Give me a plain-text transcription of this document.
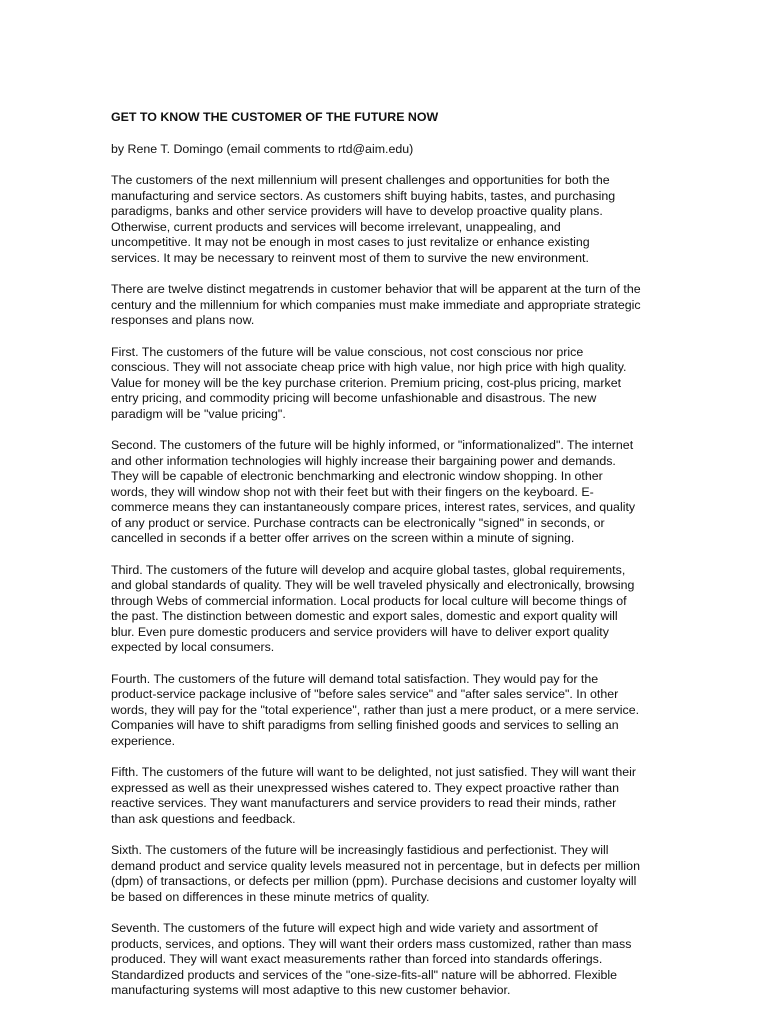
GET TO KNOW THE CUSTOMER OF THE FUTURE NOW
by Rene T. Domingo (email comments to rtd@aim.edu)
The customers of the next millennium will present challenges and opportunities for both the manufacturing and service sectors. As customers shift buying habits, tastes, and purchasing paradigms, banks and other service providers will have to develop proactive quality plans. Otherwise, current products and services will become irrelevant, unappealing, and uncompetitive. It may not be enough in most cases to just revitalize or enhance existing services. It may be necessary to reinvent most of them to survive the new environment.
There are twelve distinct megatrends in customer behavior that will be apparent at the turn of the century and the millennium for which companies must make immediate and appropriate strategic responses and plans now.
First. The customers of the future will be value conscious, not cost conscious nor price conscious. They will not associate cheap price with high value, nor high price with high quality. Value for money will be the key purchase criterion. Premium pricing, cost-plus pricing, market entry pricing, and commodity pricing will become unfashionable and disastrous. The new paradigm will be "value pricing".
Second. The customers of the future will be highly informed, or "informationalized". The internet and other information technologies will highly increase their bargaining power and demands. They will be capable of electronic benchmarking and electronic window shopping. In other words, they will window shop not with their feet but with their fingers on the keyboard. E-commerce means they can instantaneously compare prices, interest rates, services, and quality of any product or service. Purchase contracts can be electronically "signed" in seconds, or cancelled in seconds if a better offer arrives on the screen within a minute of signing.
Third. The customers of the future will develop and acquire global tastes, global requirements, and global standards of quality. They will be well traveled physically and electronically, browsing through Webs of commercial information. Local products for local culture will become things of the past. The distinction between domestic and export sales, domestic and export quality will blur. Even pure domestic producers and service providers will have to deliver export quality expected by local consumers.
Fourth. The customers of the future will demand total satisfaction. They would pay for the product-service package inclusive of "before sales service" and "after sales service". In other words, they will pay for the "total experience", rather than just a mere product, or a mere service. Companies will have to shift paradigms from selling finished goods and services to selling an experience.
Fifth. The customers of the future will want to be delighted, not just satisfied. They will want their expressed as well as their unexpressed wishes catered to. They expect proactive rather than reactive services. They want manufacturers and service providers to read their minds, rather than ask questions and feedback.
Sixth. The customers of the future will be increasingly fastidious and perfectionist. They will demand product and service quality levels measured not in percentage, but in defects per million (dpm) of transactions, or defects per million (ppm). Purchase decisions and customer loyalty will be based on differences in these minute metrics of quality.
Seventh. The customers of the future will expect high and wide variety and assortment of products, services, and options. They will want their orders mass customized, rather than mass produced. They will want exact measurements rather than forced into standards offerings. Standardized products and services of the "one-size-fits-all" nature will be abhorred. Flexible manufacturing systems will most adaptive to this new customer behavior.
